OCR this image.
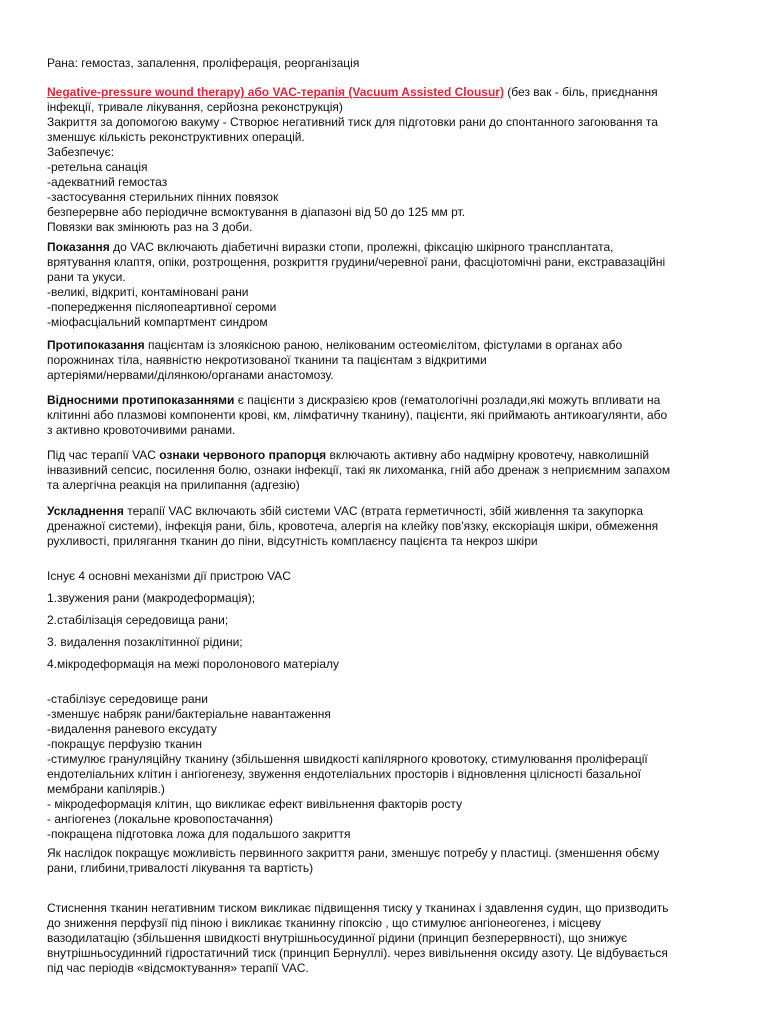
Рана: гемостаз, запалення, проліферація, реорганізація
Negative-pressure wound therapy) або VAC-терапія (Vacuum Assisted Clousur) (без вак - біль, приєднання
інфекції, тривале лікування, серйозна реконструкція)
Закриття за допомогою вакуму - Створює негативний тиск для підготовки рани до спонтанного загоювання та
зменшує кількість реконструктивних операцій.
Забезпечує:
-ретельна санація
-адекватний гемостаз
-застосування стерильних пінних повязок
безперервне або періодичне всмоктування в діапазоні від 50 до 125 мм рт.
Повязки вак змінюють раз на 3 доби.
Показання до VAC включають діабетичні виразки стопи, пролежні, фіксацію шкірного трансплантата,
врятування клаптя, опіки, розтрощення, розкриття грудини/черевної рани, фасціотомічні рани, екстравазаційні
рани та укуси.
-великі, відкриті, контаміновані рани
-попередження післяопеартивної сероми
-міофасціальний компартмент синдром
Протипоказання пацієнтам із злоякісною раною, нелікованим остеомієлітом, фістулами в органах або
порожнинах тіла, наявністю некротизованої тканини та пацієнтам з відкритими
артеріями/нервами/ділянкою/органами анастомозу.
Відносними протипоказаннями є пацієнти з дискразією кров (гематологічні розлади,які можуть впливати на
клітинні або плазмові компоненти крові, км, лімфатичну тканину), пацієнти, які приймають антикоагулянти, або
з активно кровоточивими ранами.
Під час терапії VAC ознаки червоного прапорця включають активну або надмірну кровотечу, навколишній
інвазивний сепсис, посилення болю, ознаки інфекції, такі як лихоманка, гній або дренаж з неприємним запахом
та алергічна реакція на прилипання (адгезію)
Ускладнення терапії VAC включають збій системи VAC (втрата герметичності, збій живлення та закупорка
дренажної системи), інфекція рани, біль, кровотеча, алергія на клейку пов'язку, екскоріація шкіри, обмеження
рухливості, прилягання тканин до піни, відсутність комплаєнсу пацієнта та некроз шкіри
Існує 4 основні механізми дії пристрою VAC
1.звужения рани (макродеформація);
2.стабілізація середовища рани;
3. видалення позаклітинної рідини;
4.мікродеформація на межі поролонового матеріалу
-стабілізує середовище рани
-зменшує набряк рани/бактеріальне навантаження
-видалення раневого ексудату
-покращує перфузію тканин
-стимулює грануляційну тканину (збільшення швидкості капілярного кровотоку, стимулювання проліферації
ендотеліальних клітин і ангіогенезу, звуження ендотеліальних просторів і відновлення цілісності базальної
мембрани капілярів.)
- мікродеформація клітин, що викликає ефект вивільнення факторів росту
- ангіогенез (локальне кровопостачання)
-покращена підготовка ложа для подальшого закриття
Як наслідок покращує можливість первинного закриття рани, зменшує потребу у пластиці. (зменшення обєму
рани, глибини,тривалості лікування та вартість)
Стиснення тканин негативним тиском викликає підвищення тиску у тканинах і здавлення судин, що призводить
до зниження перфузії під піною і викликає тканинну гіпоксію , що стимулює ангіонеогенез, і місцеву
вазодилатацію (збільшення швидкості внутрішньосудинної рідини (принцип безперервності), що знижує
внутрішньосудинний гідростатичний тиск (принцип Бернуллі). через вивільнення оксиду азоту. Це відбувається
під час періодів «відсмоктування» терапії VAC.
